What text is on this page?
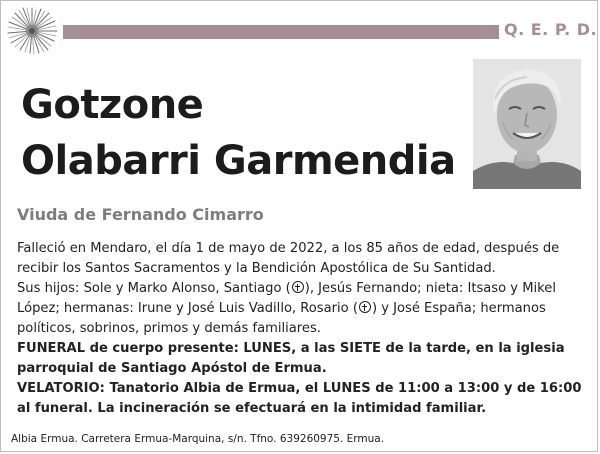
Q. E. P. D.
Gotzone
Olabarri Garmendia
Viuda de Fernando Cimarro

Falleció en Mendaro, el día 1 de mayo de 2022, a los 85 años de edad, después de recibir los Santos Sacramentos y la Bendición Apostólica de Su Santidad.

Sus hijos: Sole y Marko Alonso, Santiago ( ), Jesús Fernando; nieta: Itsaso y Mikel López; hermanas: Irune y José Luis Vadillo, Rosario ( ) y José España; hermanos políticos, sobrinos, primos y demás familiares.

FUNERAL de cuerpo presente: LUNES, a las SIETE de la tarde, en la iglesia parroquial de Santiago Apóstol de Ermua.

VELATORIO: Tanatorio Albia de Ermua, el LUNES de 11:00 a 13:00 y de 16:00 al funeral. La incineración se efectuará en la intimidad familiar.

Albia Ermua. Carretera Ermua-Marquina, s/n. Tfno. 639260975. Ermua.
